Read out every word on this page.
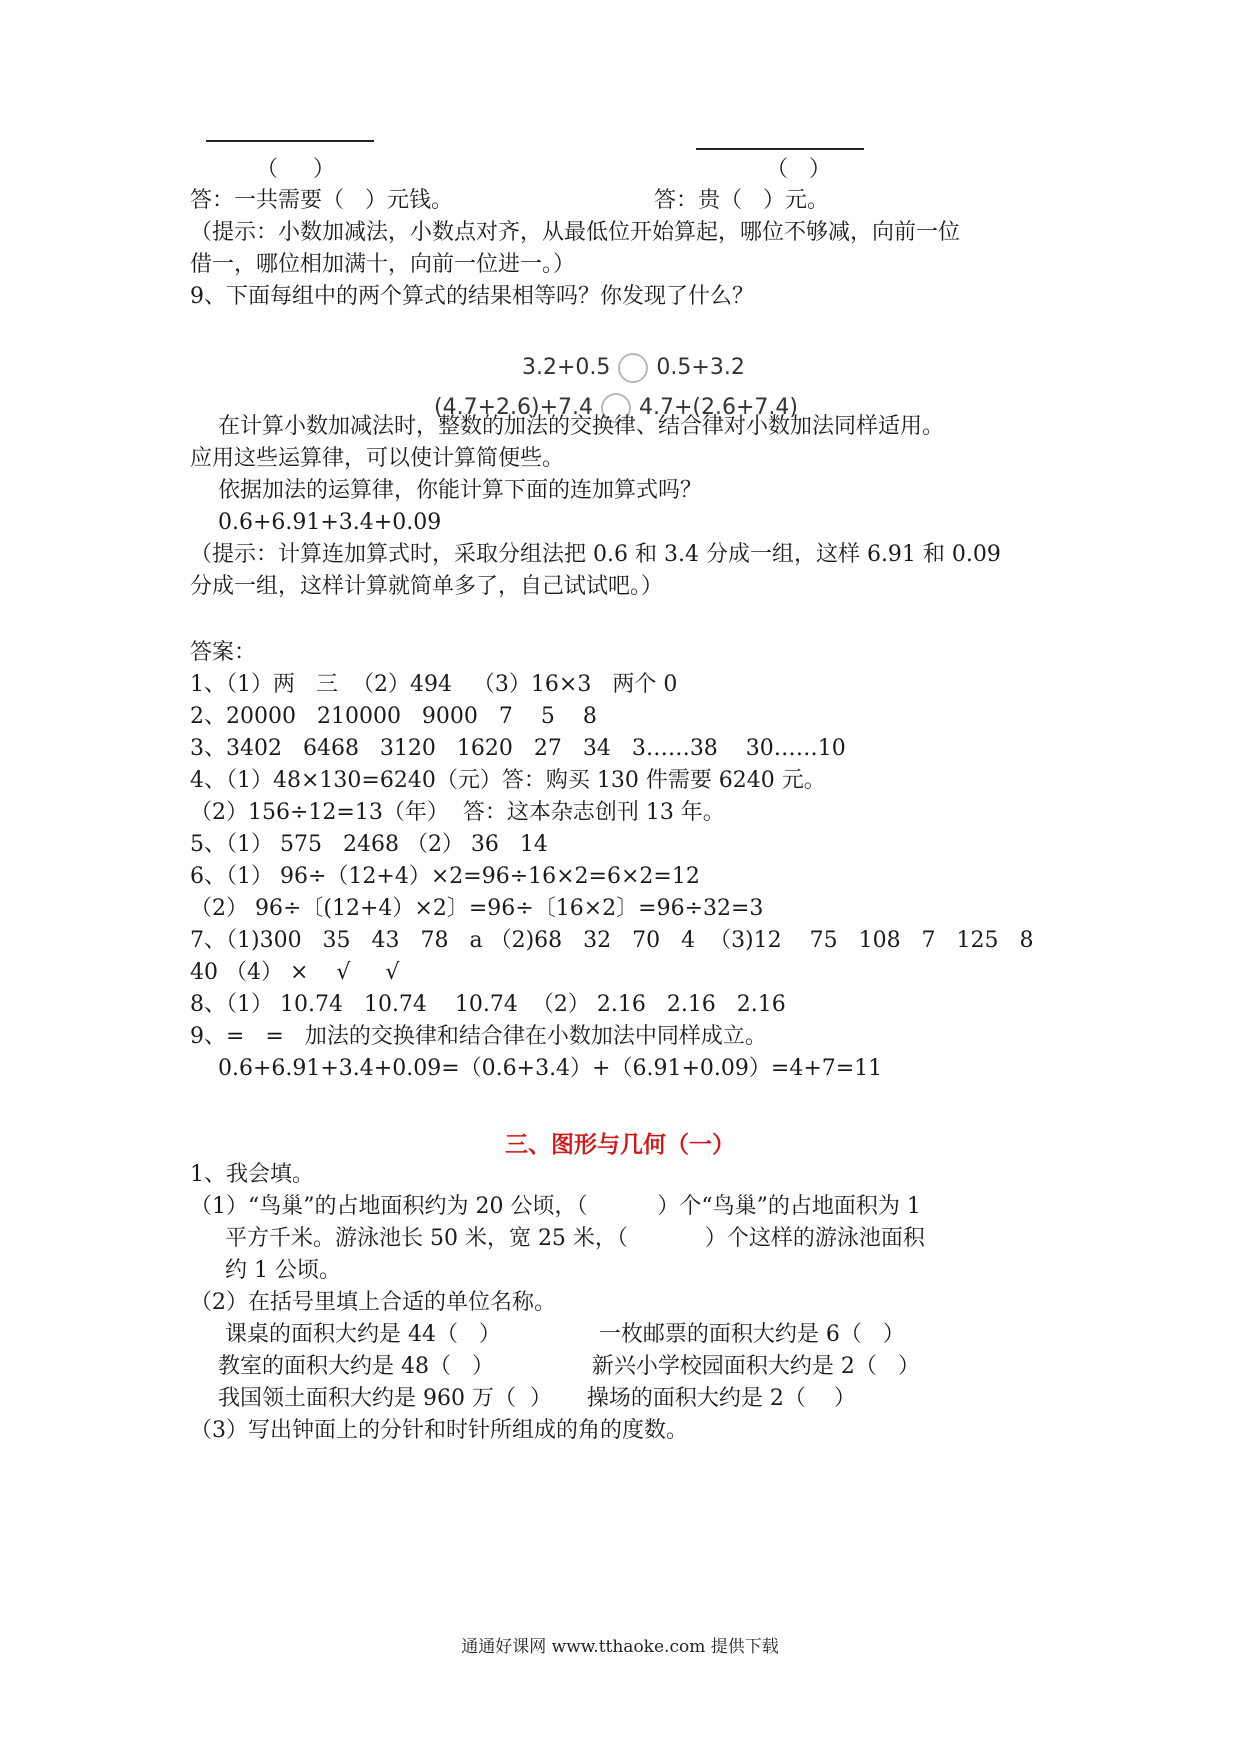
（     ）	（   ）
答：一共需要（   ）元钱。	答：贵（   ）元。
（提示：小数加减法，小数点对齐，从最低位开始算起，哪位不够减，向前一位
借一，哪位相加满十，向前一位进一。）
9、下面每组中的两个算式的结果相等吗？你发现了什么？

3.2+0.5 0.5+3.2

(4.7+2.6)+7.4 4.7+(2.6+7.4)

在计算小数加减法时，整数的加法的交换律、结合律对小数加法同样适用。
应用这些运算律，可以使计算简便些。
依据加法的运算律，你能计算下面的连加算式吗？
0.6+6.91+3.4+0.09
（提示：计算连加算式时，采取分组法把 0.6 和 3.4 分成一组，这样 6.91 和 0.09
分成一组，这样计算就简单多了，自己试试吧。）
答案：
1、（1）两   三  （2）494   （3）16×3   两个 0
2、20000   210000   9000   7    5    8
3、3402   6468   3120   1620   27   34   3……38    30……10
4、（1）48×130=6240（元）答：购买 130 件需要 6240 元。
（2）156÷12=13（年）  答：这本杂志创刊 13 年。
5、（1） 575   2468 （2） 36   14
6、（1） 96÷（12+4）×2=96÷16×2=6×2=12
（2） 96÷〔(12+4）×2〕=96÷〔16×2〕=96÷32=3
7、（1)300   35   43   78   a （2)68   32   70   4  （3)12    75   108   7   125   8
40 （4） ×    √     √
8、（1） 10.74   10.74    10.74  （2） 2.16   2.16   2.16
9、=   =   加法的交换律和结合律在小数加法中同样成立。
0.6+6.91+3.4+0.09=（0.6+3.4）+（6.91+0.09）=4+7=11
三、图形与几何（一）
1、我会填。
（1）“鸟巢”的占地面积约为 20 公顷，（          ）个“鸟巢”的占地面积为 1
平方千米。游泳池长 50 米，宽 25 米，（           ）个这样的游泳池面积
约 1 公顷。
（2）在括号里填上合适的单位名称。
课桌的面积大约是 44（   ）              一枚邮票的面积大约是 6（   ）
教室的面积大约是 48（   ）              新兴小学校园面积大约是 2（   ）
我国领土面积大约是 960 万（  ）     操场的面积大约是 2（    ）
（3）写出钟面上的分针和时针所组成的角的度数。
通通好课网 www.tthaoke.com 提供下载
